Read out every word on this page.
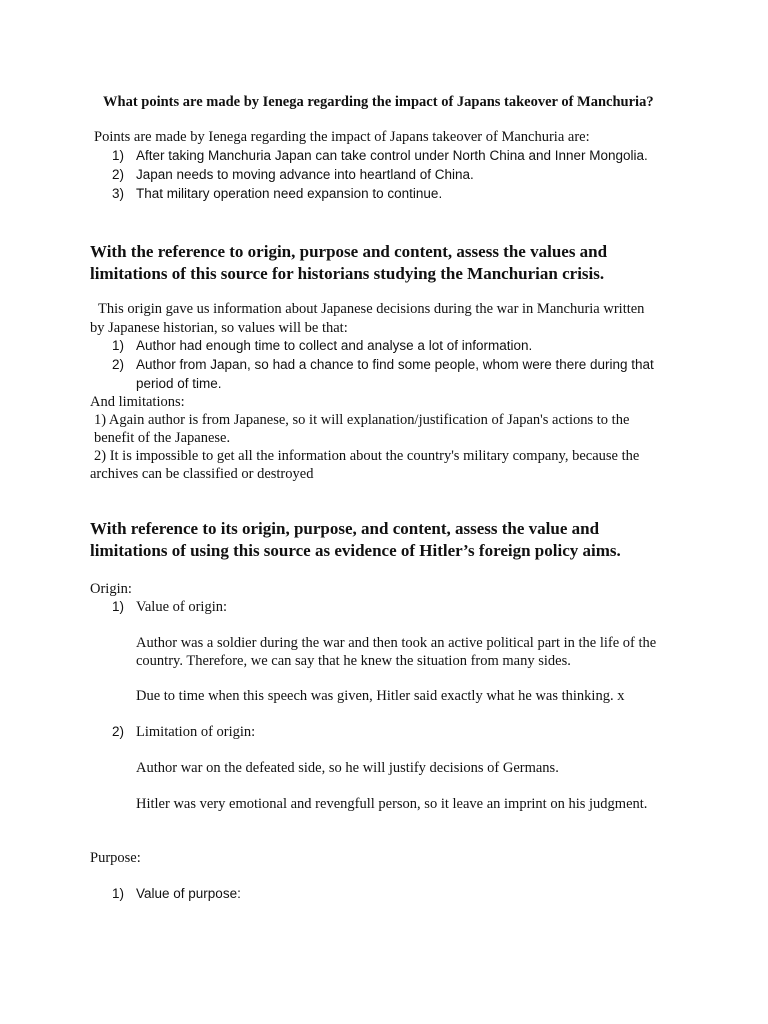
What points are made by Ienega regarding the impact of Japans takeover of Manchuria?
Points are made by Ienega regarding the impact of Japans takeover of Manchuria are:
1) After taking Manchuria Japan can take control under North China and Inner Mongolia.
2) Japan needs to moving advance into heartland of China.
3) That military operation need expansion to continue.
With the reference to origin, purpose and content, assess the values and
limitations of this source for historians studying the Manchurian crisis.
This origin gave us information about Japanese decisions during the war in Manchuria written
by Japanese historian, so values will be that:
1) Author had enough time to collect and analyse a lot of information.
2) Author from Japan, so had a chance to find some people, whom were there during that
period of time.
And limitations:
1) Again author is from Japanese, so it will explanation/justification of Japan's actions to the
benefit of the Japanese.
2) It is impossible to get all the information about the country's military company, because the
archives can be classified or destroyed
With reference to its origin, purpose, and content, assess the value and
limitations of using this source as evidence of Hitler’s foreign policy aims.
Origin:
1) Value of origin:
Author was a soldier during the war and then took an active political part in the life of the
country. Therefore, we can say that he knew the situation from many sides.
Due to time when this speech was given, Hitler said exactly what he was thinking. x
2) Limitation of origin:
Author war on the defeated side, so he will justify decisions of Germans.
Hitler was very emotional and revengfull person, so it leave an imprint on his judgment.
Purpose:
1) Value of purpose:
